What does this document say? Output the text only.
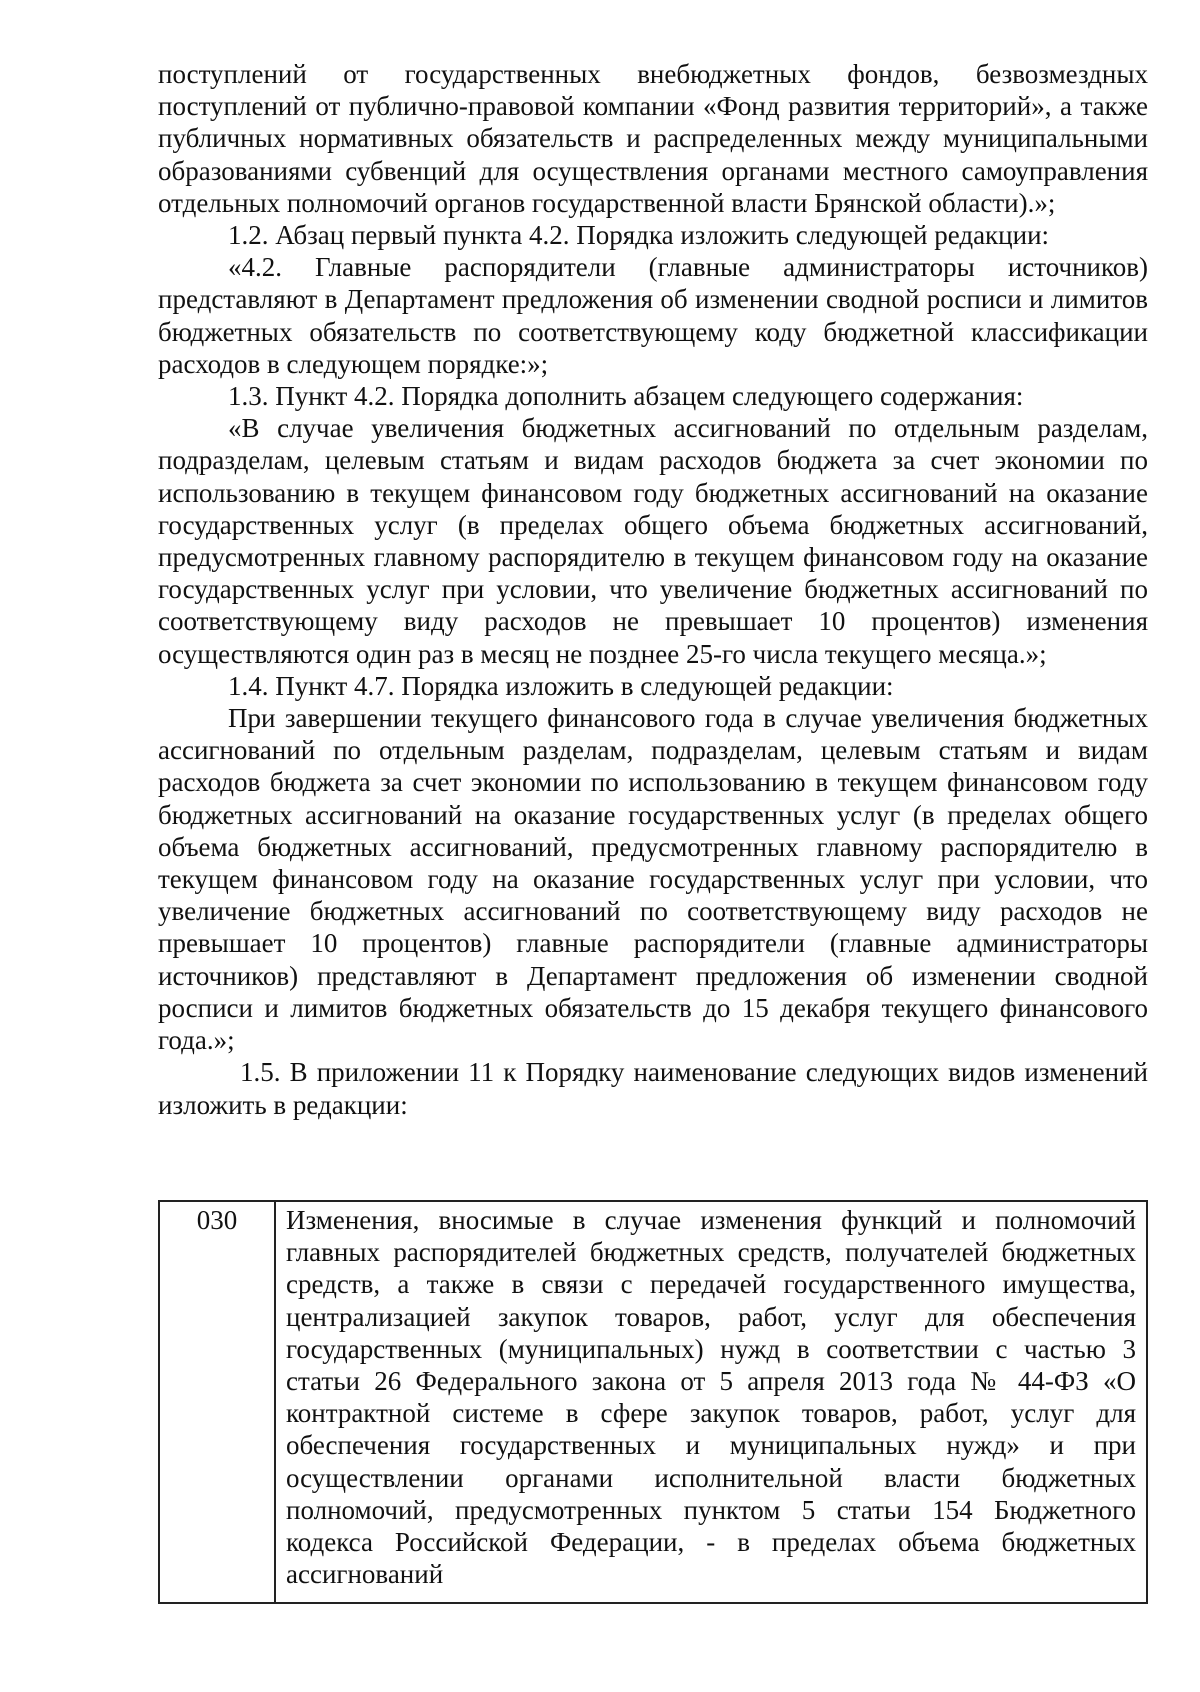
поступлений от государственных внебюджетных фондов, безвозмездных поступлений от публично-правовой компании «Фонд развития территорий», а также публичных нормативных обязательств и распределенных между муниципальными образованиями субвенций для осуществления органами местного самоуправления отдельных полномочий органов государственной власти Брянской области).»;

1.2. Абзац первый пункта 4.2. Порядка изложить следующей редакции:

«4.2. Главные распорядители (главные администраторы источников) представляют в Департамент предложения об изменении сводной росписи и лимитов бюджетных обязательств по соответствующему коду бюджетной классификации расходов в следующем порядке:»;

1.3. Пункт 4.2. Порядка дополнить абзацем следующего содержания:

«В случае увеличения бюджетных ассигнований по отдельным разделам, подразделам, целевым статьям и видам расходов бюджета за счет экономии по использованию в текущем финансовом году бюджетных ассигнований на оказание государственных услуг (в пределах общего объема бюджетных ассигнований, предусмотренных главному распорядителю в текущем финансовом году на оказание государственных услуг при условии, что увеличение бюджетных ассигнований по соответствующему виду расходов не превышает 10 процентов) изменения осуществляются один раз в месяц не позднее 25-го числа текущего месяца.»;

1.4. Пункт 4.7. Порядка изложить в следующей редакции:

При завершении текущего финансового года в случае увеличения бюджетных ассигнований по отдельным разделам, подразделам, целевым статьям и видам расходов бюджета за счет экономии по использованию в текущем финансовом году бюджетных ассигнований на оказание государственных услуг (в пределах общего объема бюджетных ассигнований, предусмотренных главному распорядителю в текущем финансовом году на оказание государственных услуг при условии, что увеличение бюджетных ассигнований по соответствующему виду расходов не превышает 10 процентов) главные распорядители (главные администраторы источников) представляют в Департамент предложения об изменении сводной росписи и лимитов бюджетных обязательств до 15 декабря текущего финансового года.»;

1.5. В приложении 11 к Порядку наименование следующих видов изменений изложить в редакции:

030	Изменения, вносимые в случае изменения функций и полномочий главных распорядителей бюджетных средств, получателей бюджетных средств, а также в связи с передачей государственного имущества, централизацией закупок товаров, работ, услуг для обеспечения государственных (муниципальных) нужд в соответствии с частью 3 статьи 26 Федерального закона от 5 апреля 2013 года № 44-ФЗ «О контрактной системе в сфере закупок товаров, работ, услуг для обеспечения государственных и муниципальных нужд» и при осуществлении органами исполнительной власти бюджетных полномочий, предусмотренных пунктом 5 статьи 154 Бюджетного кодекса Российской Федерации, - в пределах объема бюджетных ассигнований
